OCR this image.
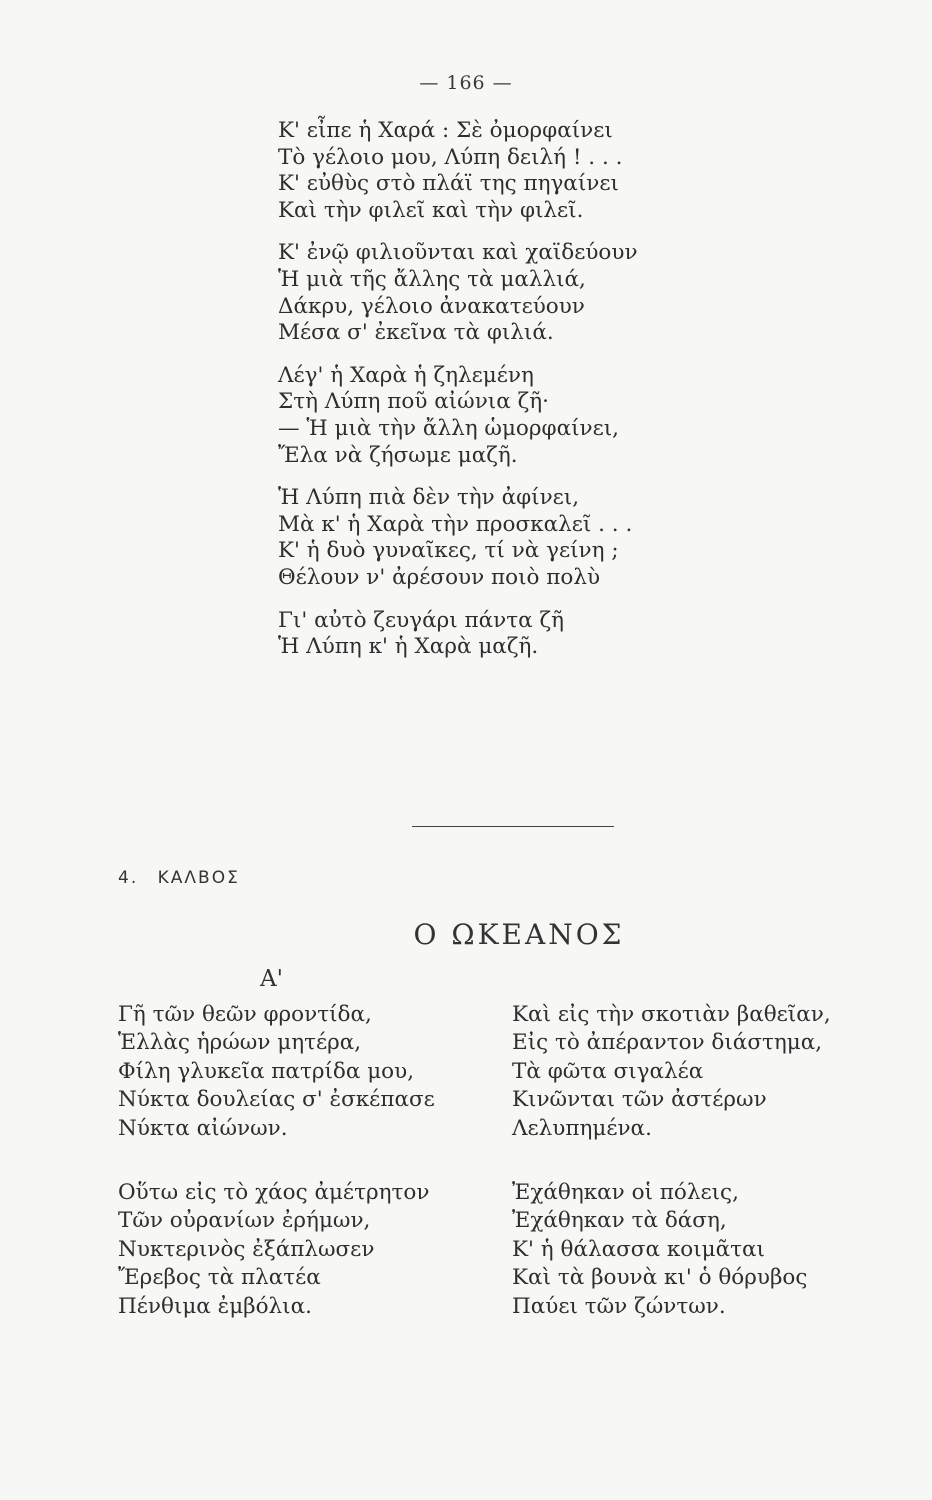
— 166 —
Κ' εἶπε ἡ Χαρά : Σὲ ὀμορφαίνει
Τὸ γέλοιο μου, Λύπη δειλή ! . . .
Κ' εὐθὺς στὸ πλάϊ της πηγαίνει
Καὶ τὴν φιλεῖ καὶ τὴν φιλεῖ.
Κ' ἐνῷ φιλιοῦνται καὶ χαϊδεύουν
Ἡ μιὰ τῆς ἄλλης τὰ μαλλιά,
Δάκρυ, γέλοιο ἀνακατεύουν
Μέσα σ' ἐκεῖνα τὰ φιλιά.
Λέγ' ἡ Χαρὰ ἡ ζηλεμένη
Στὴ Λύπη ποῦ αἰώνια ζῆ·
— Ἡ μιὰ τὴν ἄλλη ὡμορφαίνει,
Ἔλα νὰ ζήσωμε μαζῆ.
Ἡ Λύπη πιὰ δὲν τὴν ἀφίνει,
Μὰ κ' ἡ Χαρὰ τὴν προσκαλεῖ . . .
Κ' ἡ δυὸ γυναῖκες, τί νὰ γείνη ;
Θέλουν ν' ἀρέσουν ποιὸ πολὺ
Γι' αὐτὸ ζευγάρι πάντα ζῆ
Ἡ Λύπη κ' ἡ Χαρὰ μαζῆ.
4. ΚΑΛΒΟΣ
Ο ΩΚΕΑΝΟΣ
Α'
Γῆ τῶν θεῶν φροντίδα,
Ἑλλὰς ἡρώων μητέρα,
Φίλη γλυκεῖα πατρίδα μου,
Νύκτα δουλείας σ' ἐσκέπασε
Νύκτα αἰώνων.
Οὕτω εἰς τὸ χάος ἀμέτρητον
Τῶν οὐρανίων ἐρήμων,
Νυκτερινὸς ἐξάπλωσεν
Ἔρεβος τὰ πλατέα
Πένθιμα ἐμβόλια.
Καὶ εἰς τὴν σκοτιὰν βαθεῖαν,
Εἰς τὸ ἀπέραντον διάστημα,
Τὰ φῶτα σιγαλέα
Κινῶνται τῶν ἀστέρων
Λελυπημένα.
Ἐχάθηκαν οἱ πόλεις,
Ἐχάθηκαν τὰ δάση,
Κ' ἡ θάλασσα κοιμᾶται
Καὶ τὰ βουνὰ κι' ὁ θόρυβος
Παύει τῶν ζώντων.
